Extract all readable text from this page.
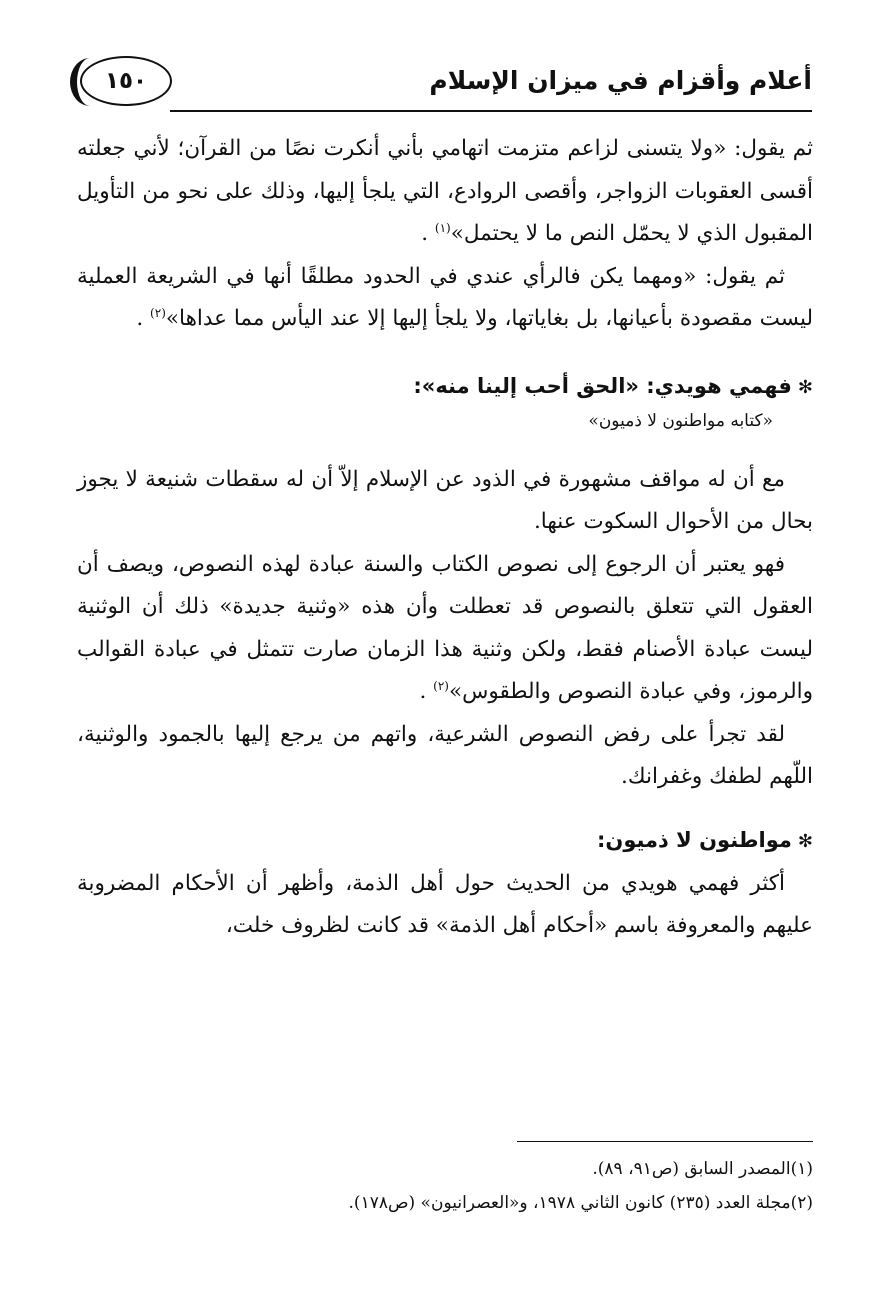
أعلام وأقزام في ميزان الإسلام
١٥٠

ثم يقول: «ولا يتسنى لزاعم متزمت اتهامي بأني أنكرت نصًا من القرآن؛ لأني جعلته أقسى العقوبات الزواجر، وأقصى الروادع، التي يلجأ إليها، وذلك على نحو من التأويل المقبول الذي لا يحمّل النص ما لا يحتمل»$^{(١)}$ .

ثم يقول: «ومهما يكن فالرأي عندي في الحدود مطلقًا أنها في الشريعة العملية ليست مقصودة بأعيانها، بل بغاياتها، ولا يلجأ إليها إلا عند اليأس مما عداها»$^{(٢)}$ .

✻فهمي هويدي: «الحق أحب إلينا منه»:
«كتابه مواطنون لا ذميون»

مع أن له مواقف مشهورة في الذود عن الإسلام إلاّ أن له سقطات شنيعة لا يجوز بحال من الأحوال السكوت عنها.

فهو يعتبر أن الرجوع إلى نصوص الكتاب والسنة عبادة لهذه النصوص، ويصف أن العقول التي تتعلق بالنصوص قد تعطلت وأن هذه «وثنية جديدة» ذلك أن الوثنية ليست عبادة الأصنام فقط، ولكن وثنية هذا الزمان صارت تتمثل في عبادة القوالب والرموز، وفي عبادة النصوص والطقوس»$^{(٢)}$ .

لقد تجرأ على رفض النصوص الشرعية، واتهم من يرجع إليها بالجمود والوثنية، اللّهم لطفك وغفرانك.

✻مواطنون لا ذميون:

أكثر فهمي هويدي من الحديث حول أهل الذمة، وأظهر أن الأحكام المضروبة عليهم والمعروفة باسم «أحكام أهل الذمة» قد كانت لظروف خلت،

(١)المصدر السابق (ص٩١، ٨٩).
(٢)مجلة العدد (٢٣٥) كانون الثاني ١٩٧٨، و«العصرانيون» (ص١٧٨).
